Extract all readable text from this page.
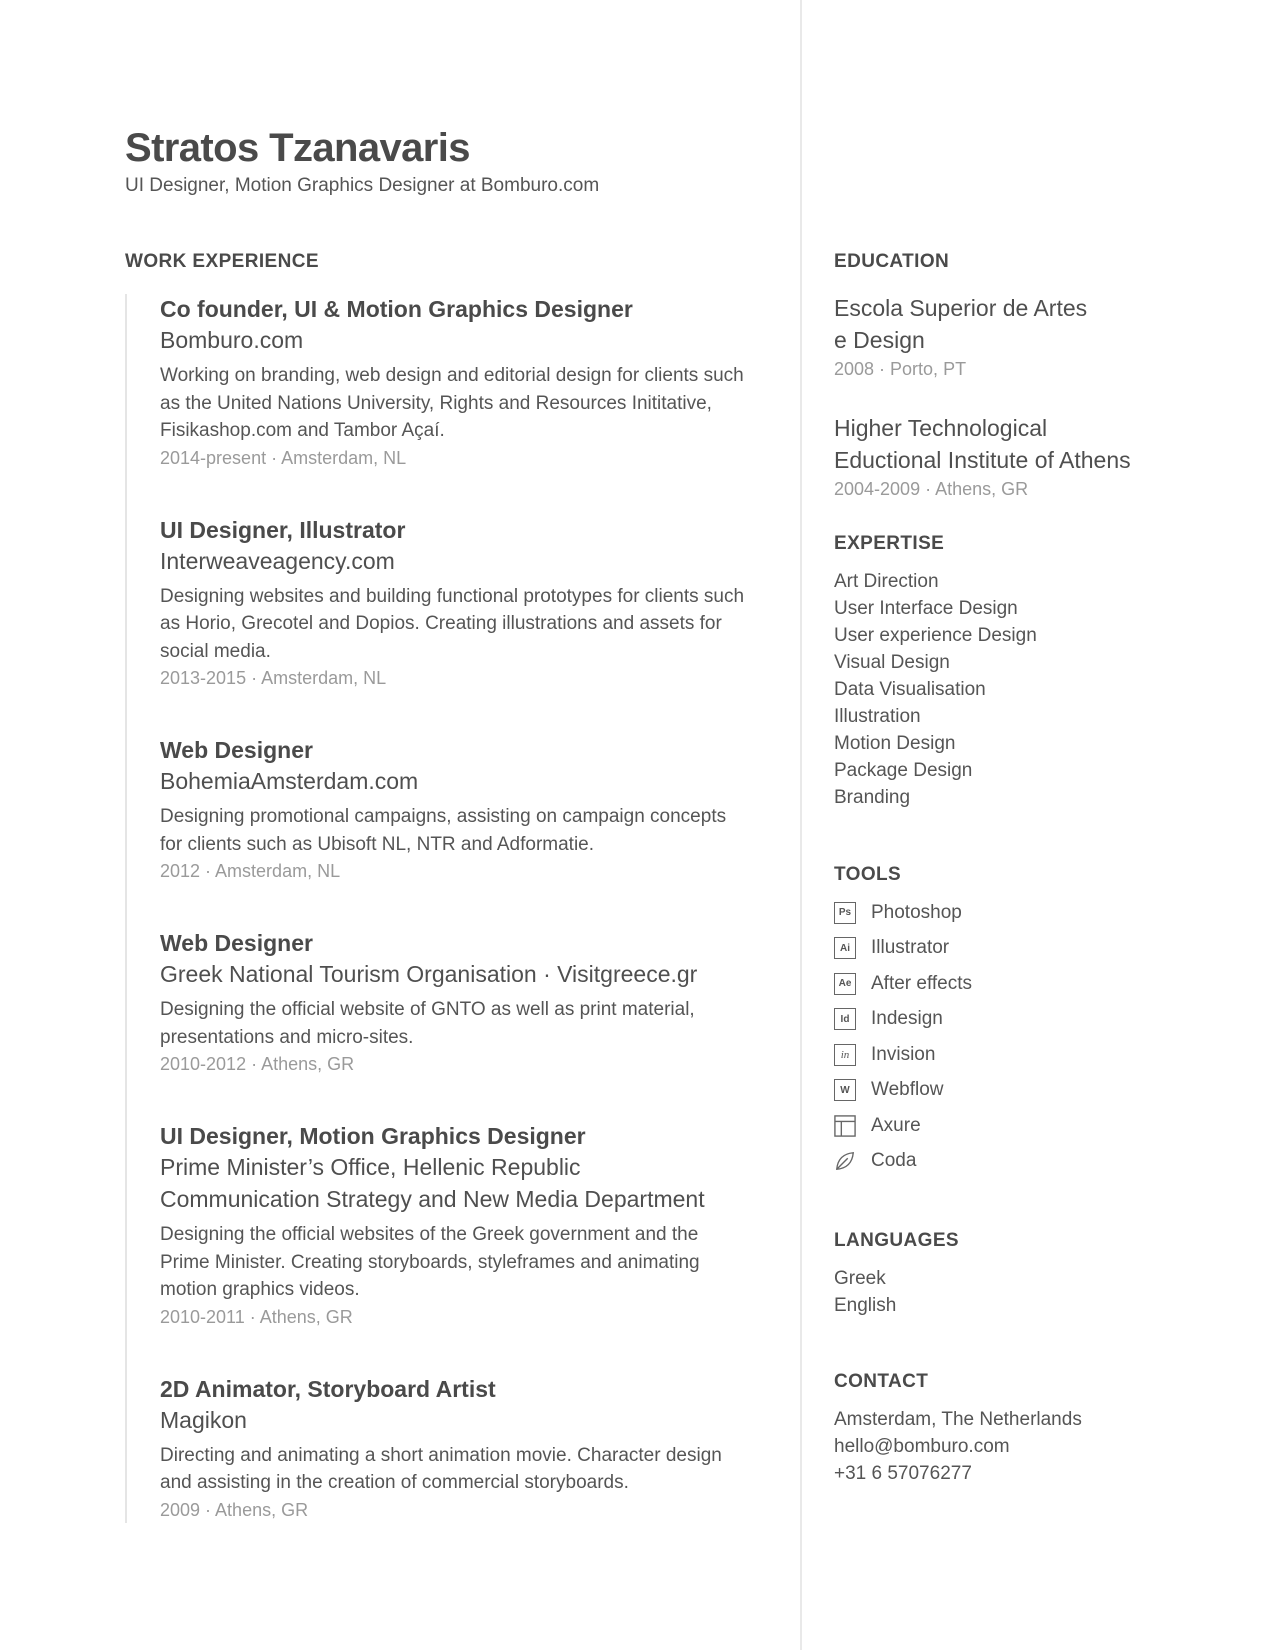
Stratos Tzanavaris
UI Designer, Motion Graphics Designer at Bomburo.com
WORK EXPERIENCE
Co founder, UI & Motion Graphics Designer
Bomburo.com
Working on branding, web design and editorial design for clients such as the United Nations University, Rights and Resources Inititative, Fisikashop.com and Tambor Açaí.
2014-present · Amsterdam, NL
UI Designer, Illustrator
Interweaveagency.com
Designing websites and building functional prototypes for clients such as Horio, Grecotel and Dopios. Creating illustrations and assets for social media.
2013-2015 · Amsterdam, NL
Web Designer
BohemiaAmsterdam.com
Designing promotional campaigns, assisting on campaign concepts for clients such as Ubisoft NL, NTR and Adformatie.
2012 · Amsterdam, NL
Web Designer
Greek National Tourism Organisation · Visitgreece.gr
Designing the official website of GNTO as well as print material, presentations and micro-sites.
2010-2012 · Athens, GR
UI Designer, Motion Graphics Designer
Prime Minister’s Office, Hellenic Republic
Communication Strategy and New Media Department
Designing the official websites of the Greek government and the Prime Minister. Creating storyboards, styleframes and animating motion graphics videos.
2010-2011 · Athens, GR
2D Animator, Storyboard Artist
Magikon
Directing and animating a short animation movie. Character design and assisting in the creation of commercial storyboards.
2009 · Athens, GR
EDUCATION
Escola Superior de Artes
e Design
2008 · Porto, PT
Higher Technological
Eductional Institute of Athens
2004-2009 · Athens, GR
EXPERTISE
Art Direction
User Interface Design
User experience Design
Visual Design
Data Visualisation
Illustration
Motion Design
Package Design
Branding
TOOLS
Ps Photoshop
Ai	Illustrator
Ae After effects
Id	Indesign
in	Invision
W	Webflow
Axure
Coda
LANGUAGES
Greek
English
CONTACT
Amsterdam, The Netherlands
hello@bomburo.com
+31 6 57076277
